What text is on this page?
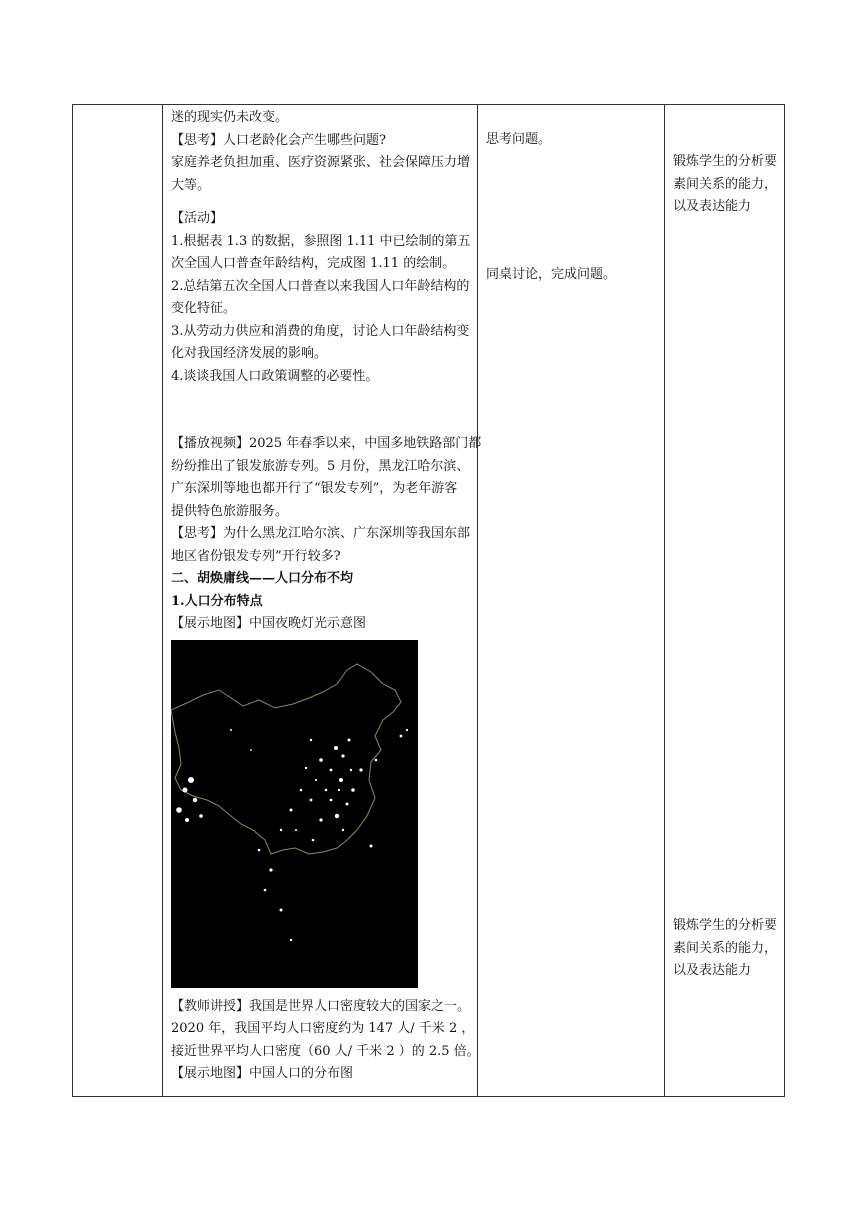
迷的现实仍未改变。
【思考】人口老龄化会产生哪些问题?
家庭养老负担加重、医疗资源紧张、社会保障压力增
大等。
【活动】
1.根据表 1.3 的数据，参照图 1.11 中已绘制的第五
次全国人口普查年龄结构，完成图 1.11 的绘制。
2.总结第五次全国人口普查以来我国人口年龄结构的
变化特征。
3.从劳动力供应和消费的角度，讨论人口年龄结构变
化对我国经济发展的影响。
4.谈谈我国人口政策调整的必要性。
【播放视频】2025 年春季以来，中国多地铁路部门都
纷纷推出了银发旅游专列。5 月份，黑龙江哈尔滨、
广东深圳等地也都开行了“银发专列”，为老年游客
提供特色旅游服务。
【思考】为什么黑龙江哈尔滨、广东深圳等我国东部
地区省份银发专列”开行较多?
二、胡焕庸线——人口分布不均
1.人口分布特点
【展示地图】中国夜晚灯光示意图
【教师讲授】我国是世界人口密度较大的国家之一。
2020 年，我国平均人口密度约为 147 人/ 千米 2 ，
接近世界平均人口密度（60 人/ 千米 2 ）的 2.5 倍。
【展示地图】中国人口的分布图
思考问题。
同桌讨论，完成问题。
锻炼学生的分析要素间关系的能力，以及表达能力
锻炼学生的分析要素间关系的能力，以及表达能力
